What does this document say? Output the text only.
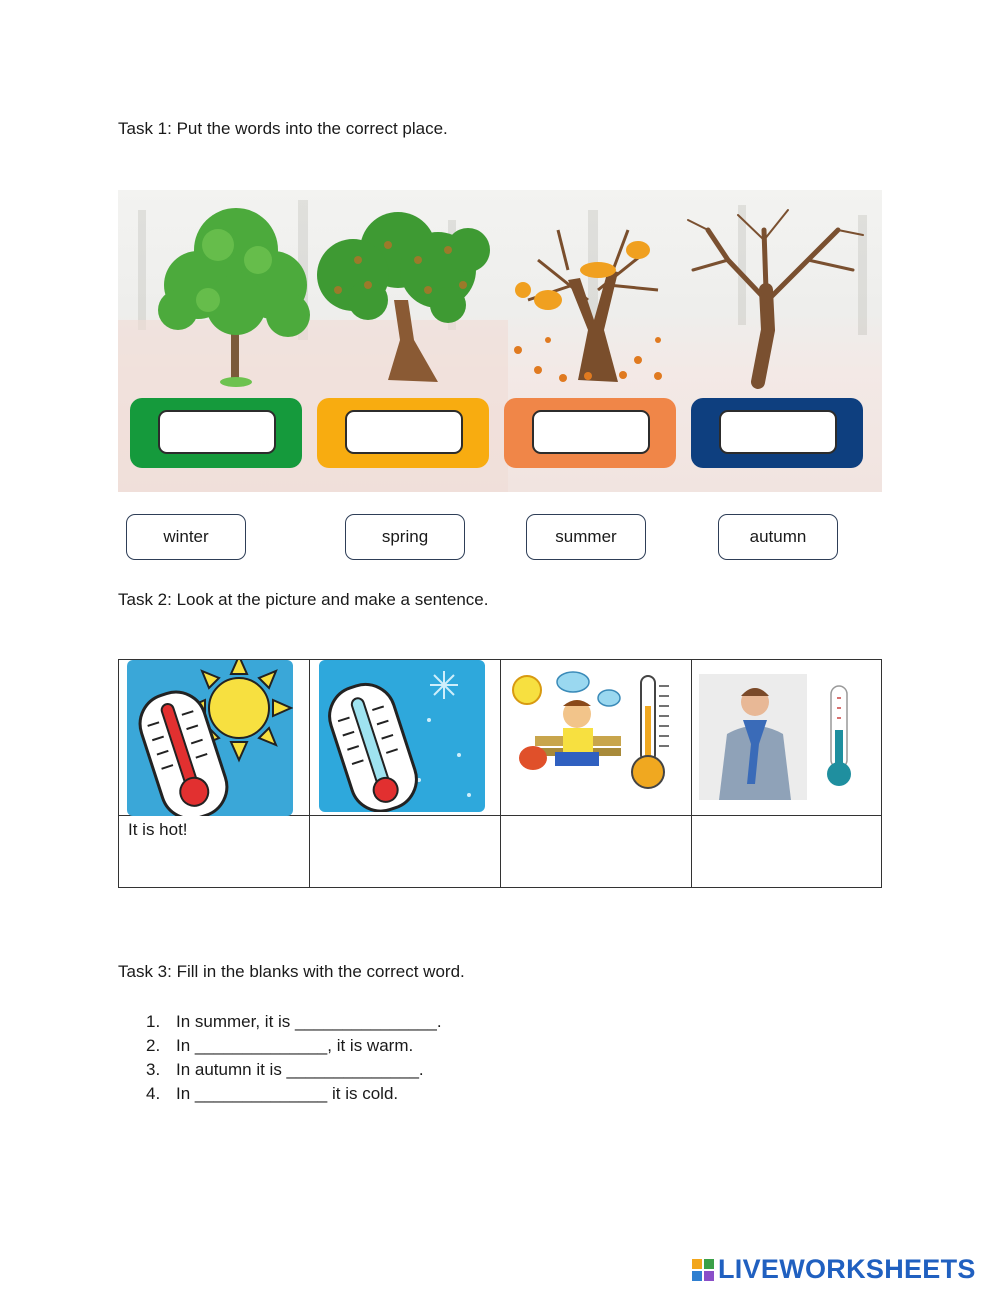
Task 1: Put the words into the correct place.
winter	spring	summer	autumn
Task 2: Look at the picture and make a sentence.
It is hot!
Task 3: Fill in the blanks with the correct word.
1. In summer, it is _______________.
2. In ______________, it is warm.
3. In autumn it is ______________.
4. In ______________ it is cold.
LIVEWORKSHEETS
